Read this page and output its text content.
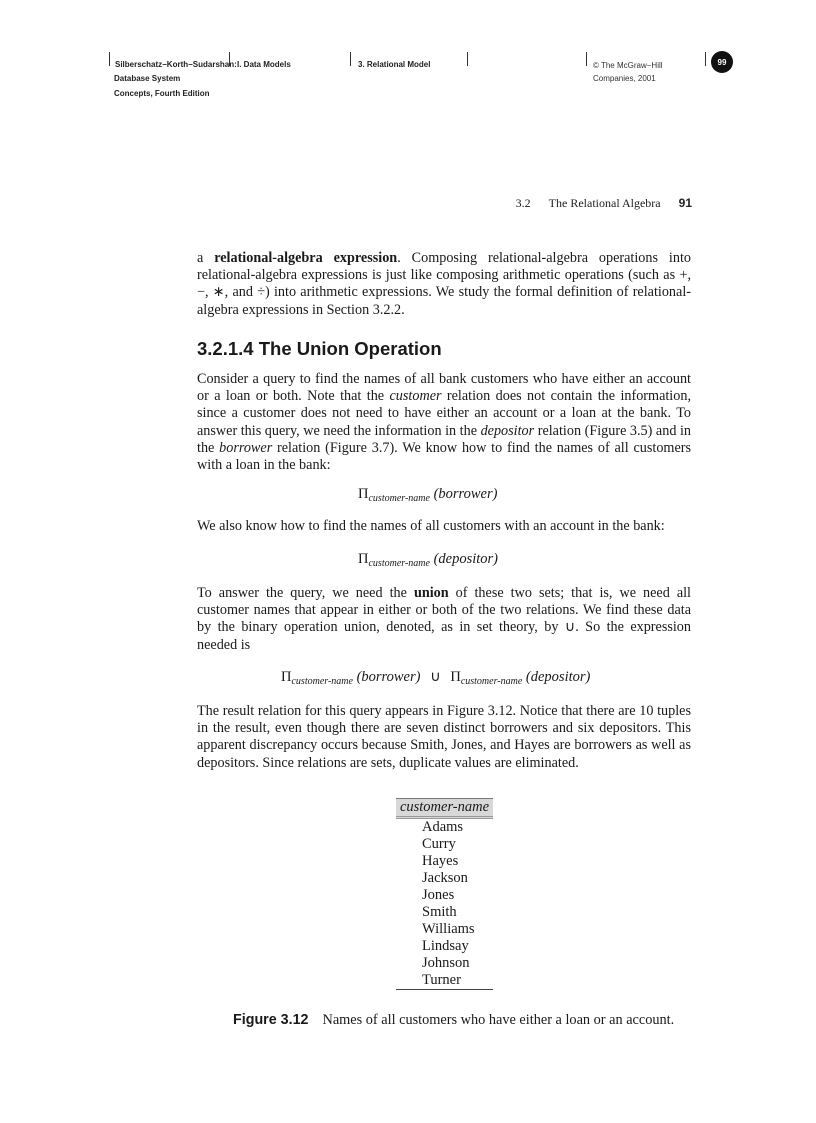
Silberschatz−Korth−Sudarshan: I. Data Models	3. Relational Model
Database System
Concepts, Fourth Edition
© The McGraw−Hill
Companies, 2001
99
3.2 The Relational Algebra 91

a relational-algebra expression. Composing relational-algebra operations into relational-algebra expressions is just like composing arithmetic operations (such as +, −, ∗, and ÷) into arithmetic expressions. We study the formal definition of relational-algebra expressions in Section 3.2.2.

3.2.1.4 The Union Operation

Consider a query to find the names of all bank customers who have either an account or a loan or both. Note that the customer relation does not contain the information, since a customer does not need to have either an account or a loan at the bank. To answer this query, we need the information in the depositor relation (Figure 3.5) and in the borrower relation (Figure 3.7). We know how to find the names of all customers with a loan in the bank:

$\Pi_{customer-name}$ (borrower)

We also know how to find the names of all customers with an account in the bank:

$\Pi_{customer-name}$ (depositor)

To answer the query, we need the union of these two sets; that is, we need all customer names that appear in either or both of the two relations. We find these data by the binary operation union, denoted, as in set theory, by ∪. So the expression needed is

$\Pi_{customer-name}$ (borrower) ∪ $\Pi_{customer-name}$ (depositor)

The result relation for this query appears in Figure 3.12. Notice that there are 10 tuples in the result, even though there are seven distinct borrowers and six depositors. This apparent discrepancy occurs because Smith, Jones, and Hayes are borrowers as well as depositors. Since relations are sets, duplicate values are eliminated.

customer-name
Adams
Curry
Hayes
Jackson
Jones
Smith
Williams
Lindsay
Johnson
Turner
Figure 3.12 Names of all customers who have either a loan or an account.
